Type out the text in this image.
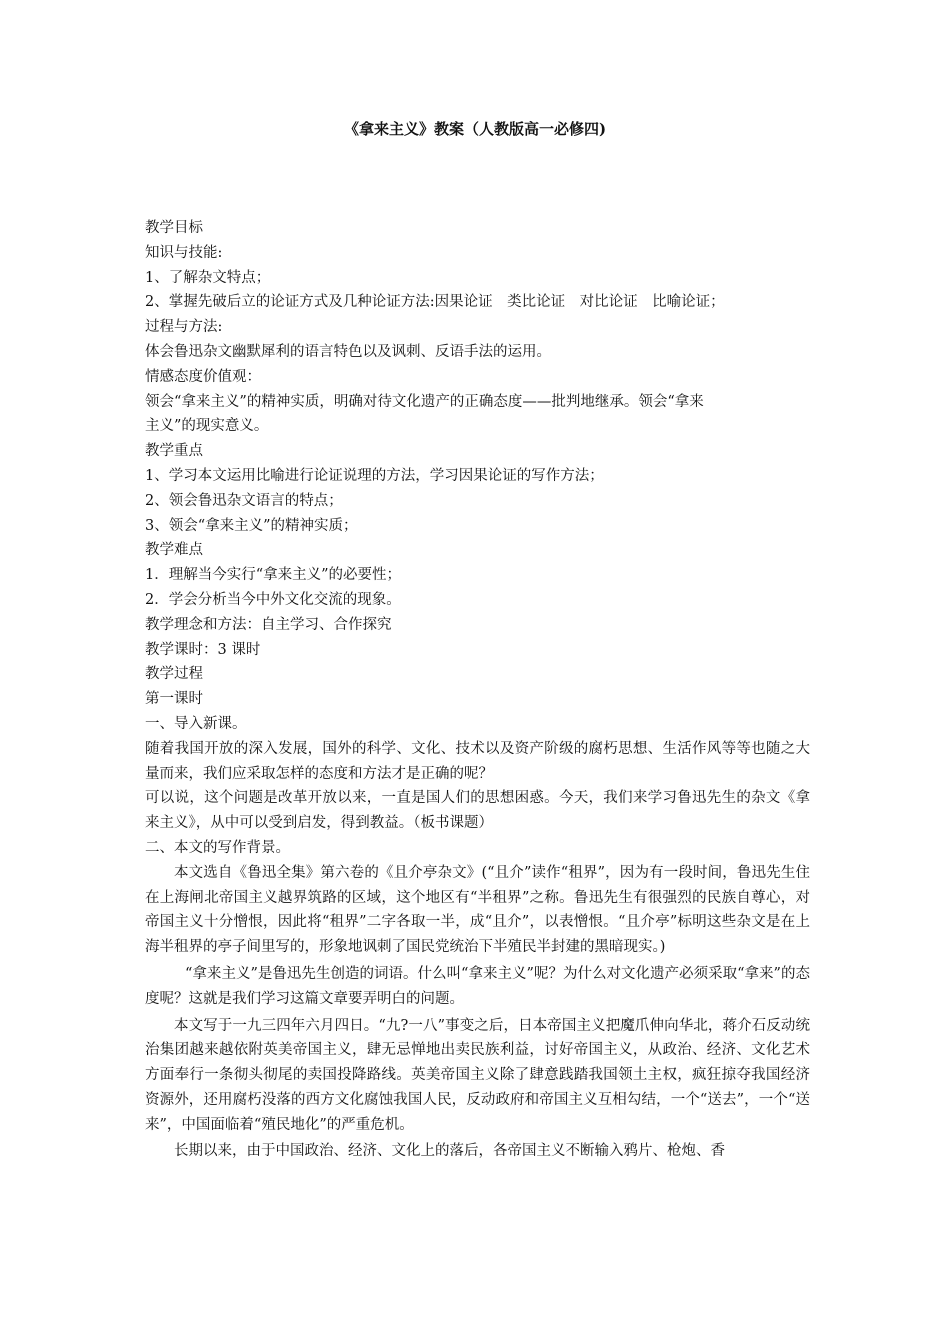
《拿来主义》教案（人教版高一必修四)
教学目标
知识与技能:
1、了解杂文特点；
2、掌握先破后立的论证方式及几种论证方法:因果论证　类比论证　对比论证　比喻论证；
过程与方法:
体会鲁迅杂文幽默犀利的语言特色以及讽刺、反语手法的运用。
情感态度价值观：
领会“拿来主义”的精神实质，明确对待文化遗产的正确态度——批判地继承。领会“拿来
主义”的现实意义。
教学重点
1、学习本文运用比喻进行论证说理的方法，学习因果论证的写作方法；
2、领会鲁迅杂文语言的特点；
3、领会“拿来主义”的精神实质；
教学难点
1．理解当今实行“拿来主义”的必要性；
2．学会分析当今中外文化交流的现象。
教学理念和方法：自主学习、合作探究
教学课时：3 课时
教学过程
第一课时
一、导入新课。
随着我国开放的深入发展，国外的科学、文化、技术以及资产阶级的腐朽思想、生活作风等等也随之大量而来，我们应采取怎样的态度和方法才是正确的呢？
可以说，这个问题是改革开放以来，一直是国人们的思想困惑。今天，我们来学习鲁迅先生的杂文《拿来主义》，从中可以受到启发，得到教益。（板书课题）
二、本文的写作背景。
本文选自《鲁迅全集》第六卷的《且介亭杂文》(“且介”读作“租界”，因为有一段时间，鲁迅先生住在上海闸北帝国主义越界筑路的区域，这个地区有“半租界”之称。鲁迅先生有很强烈的民族自尊心，对帝国主义十分憎恨，因此将“租界”二字各取一半，成“且介”，以表憎恨。“且介亭”标明这些杂文是在上海半租界的亭子间里写的，形象地讽刺了国民党统治下半殖民半封建的黑暗现实。)
“拿来主义”是鲁迅先生创造的词语。什么叫“拿来主义”呢？为什么对文化遗产必须采取“拿来”的态度呢？这就是我们学习这篇文章要弄明白的问题。
本文写于一九三四年六月四日。“九?一八”事变之后，日本帝国主义把魔爪伸向华北，蒋介石反动统治集团越来越依附英美帝国主义，肆无忌惮地出卖民族利益，讨好帝国主义，从政治、经济、文化艺术方面奉行一条彻头彻尾的卖国投降路线。英美帝国主义除了肆意践踏我国领土主权，疯狂掠夺我国经济资源外，还用腐朽没落的西方文化腐蚀我国人民，反动政府和帝国主义互相勾结，一个“送去”，一个“送来”，中国面临着“殖民地化”的严重危机。
长期以来，由于中国政治、经济、文化上的落后，各帝国主义不断输入鸦片、枪炮、香
